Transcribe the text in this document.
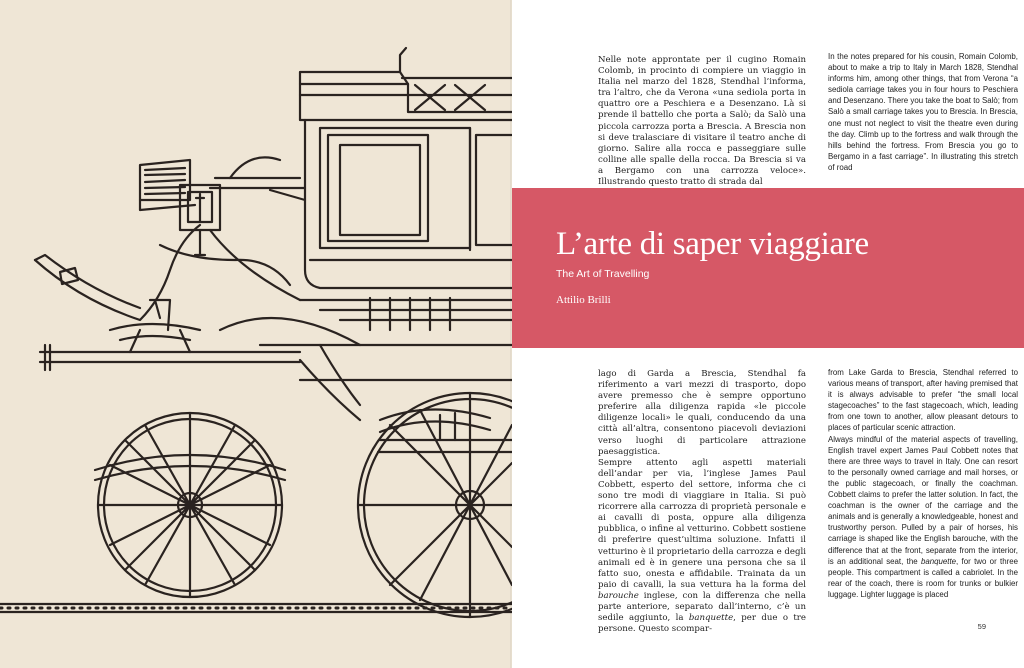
Nelle note approntate per il cugino Romain Colomb, in procinto di compiere un viaggio in Italia nel marzo del 1828, Stendhal l’informa, tra l’altro, che da Verona «una sediola porta in quattro ore a Peschiera e a Desenzano. Là si prende il battello che porta a Salò; da Salò una piccola carrozza porta a Brescia. A Brescia non si deve tralasciare di visitare il teatro anche di giorno. Salire alla rocca e passeggiare sulle colline alle spalle della rocca. Da Brescia si va a Bergamo con una carrozza veloce». Illustrando questo tratto di strada dal

In the notes prepared for his cousin, Romain Colomb, about to make a trip to Italy in March 1828, Stendhal informs him, among other things, that from Verona “a sediola carriage takes you in four hours to Peschiera and Desenzano. There you take the boat to Salò; from Salò a small carriage takes you to Brescia. In Brescia, one must not neglect to visit the theatre even during the day. Climb up to the fortress and walk through the hills behind the fortress. From Brescia you go to Bergamo in a fast carriage”. In illustrating this stretch of road

L’arte di saper viaggiare
The Art of Travelling
Attilio Brilli
lago di Garda a Brescia, Stendhal fa riferimento a vari mezzi di trasporto, dopo avere premesso che è sempre opportuno preferire alla diligenza rapida «le piccole diligenze locali» le quali, conducendo da una città all’altra, consentono piacevoli deviazioni verso luoghi di particolare attrazione paesaggistica.
Sempre attento agli aspetti materiali dell’andar per via, l’inglese James Paul Cobbett, esperto del settore, informa che ci sono tre modi di viaggiare in Italia. Si può ricorrere alla carrozza di proprietà personale e ai cavalli di posta, oppure alla diligenza pubblica, o infine al vetturino. Cobbett sostiene di preferire quest’ultima soluzione. Infatti il vetturino è il proprietario della carrozza e degli animali ed è in genere una persona che sa il fatto suo, onesta e affidabile. Trainata da un paio di cavalli, la sua vettura ha la forma del barouche inglese, con la differenza che nella parte anteriore, separato dall’interno, c’è un sedile aggiunto, la banquette, per due o tre persone. Questo scompar-
from Lake Garda to Brescia, Stendhal referred to various means of transport, after having premised that it is always advisable to prefer “the small local stagecoaches” to the fast stagecoach, which, leading from one town to another, allow pleasant detours to places of particular scenic attraction.
Always mindful of the material aspects of travelling, English travel expert James Paul Cobbett notes that there are three ways to travel in Italy. One can resort to the personally owned carriage and mail horses, or the public stagecoach, or finally the coachman. Cobbett claims to prefer the latter solution. In fact, the coachman is the owner of the carriage and the animals and is generally a knowledgeable, honest and trustworthy person. Pulled by a pair of horses, his carriage is shaped like the English barouche, with the difference that at the front, separate from the interior, is an additional seat, the banquette, for two or three people. This compartment is called a cabriolet. In the rear of the coach, there is room for trunks or bulkier luggage. Lighter luggage is placed
59
